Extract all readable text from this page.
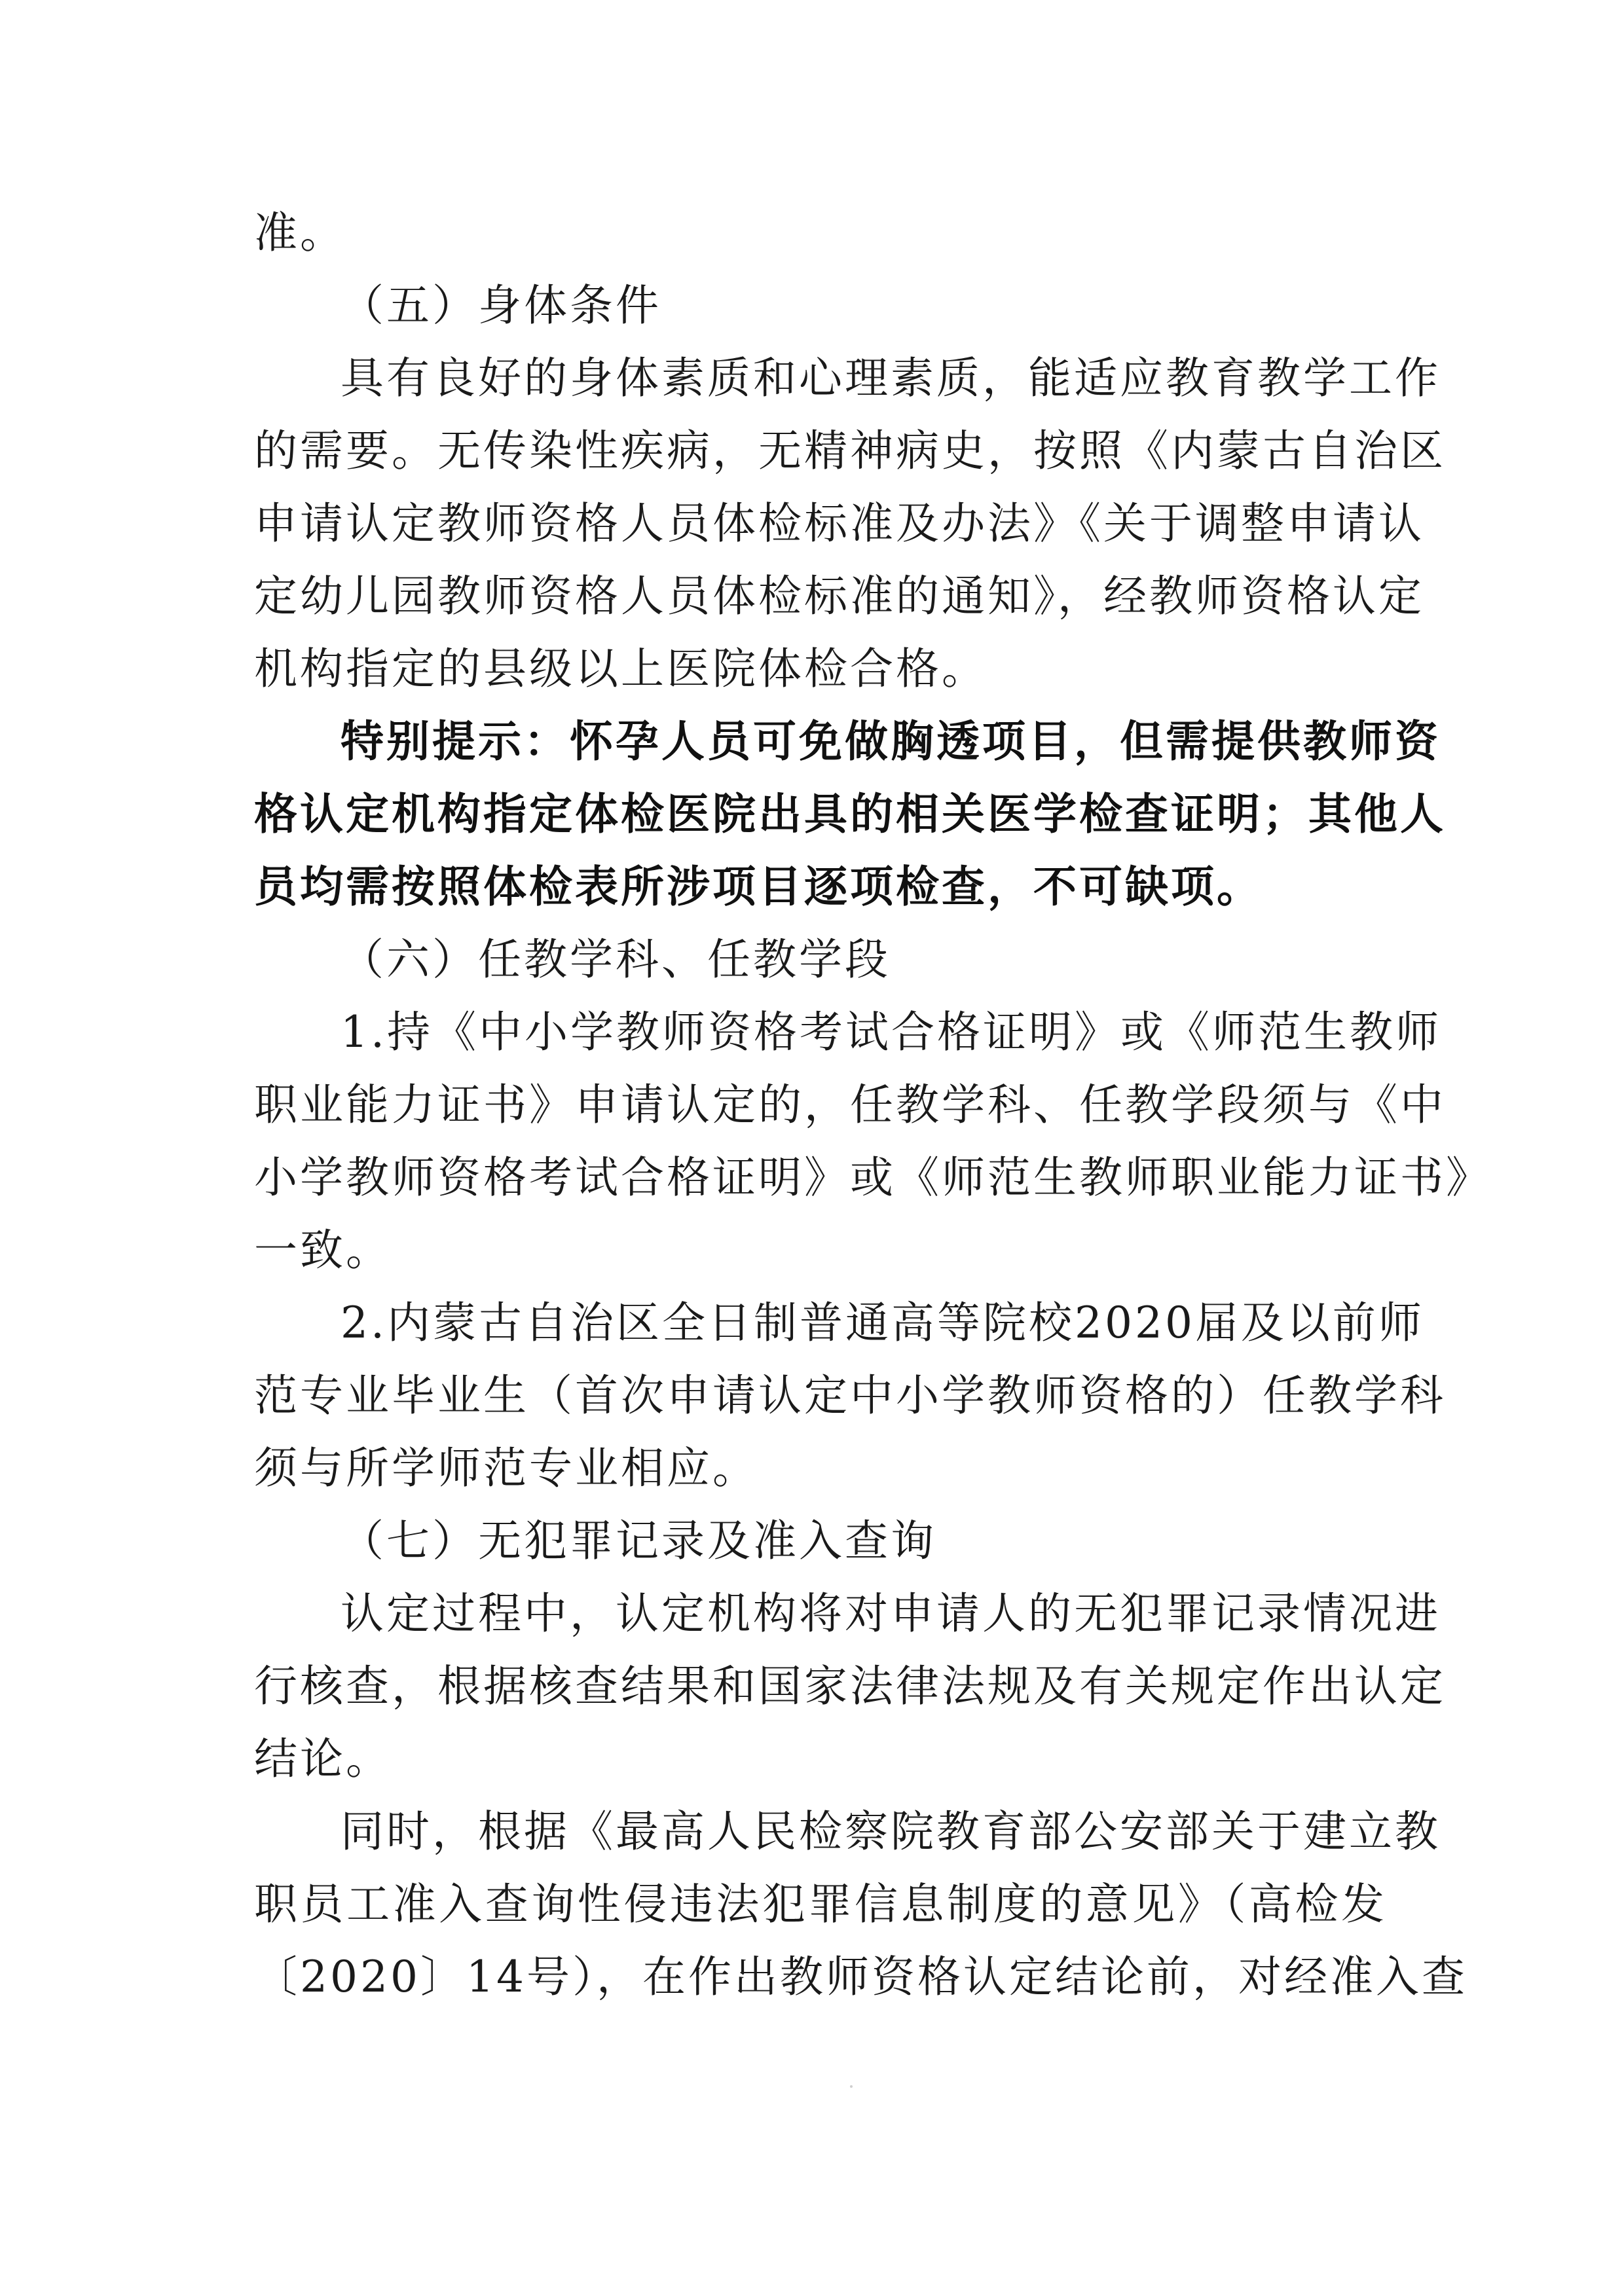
准。

（五）身体条件

具有良好的身体素质和心理素质，能适应教育教学工作

的需要。无传染性疾病，无精神病史，按照《内蒙古自治区

申请认定教师资格人员体检标准及办法》《关于调整申请认

定幼儿园教师资格人员体检标准的通知》，经教师资格认定

机构指定的县级以上医院体检合格。

特别提示：怀孕人员可免做胸透项目，但需提供教师资

格认定机构指定体检医院出具的相关医学检查证明；其他人

员均需按照体检表所涉项目逐项检查，不可缺项。

（六）任教学科、任教学段

1.持《中小学教师资格考试合格证明》或《师范生教师

职业能力证书》申请认定的，任教学科、任教学段须与《中

小学教师资格考试合格证明》或《师范生教师职业能力证书》

一致。

2.内蒙古自治区全日制普通高等院校2020届及以前师

范专业毕业生（首次申请认定中小学教师资格的）任教学科

须与所学师范专业相应。

（七）无犯罪记录及准入查询

认定过程中，认定机构将对申请人的无犯罪记录情况进

行核查，根据核查结果和国家法律法规及有关规定作出认定

结论。

同时，根据《最高人民检察院教育部公安部关于建立教

职员工准入查询性侵违法犯罪信息制度的意见》（高检发

〔2020〕14号），在作出教师资格认定结论前，对经准入查
